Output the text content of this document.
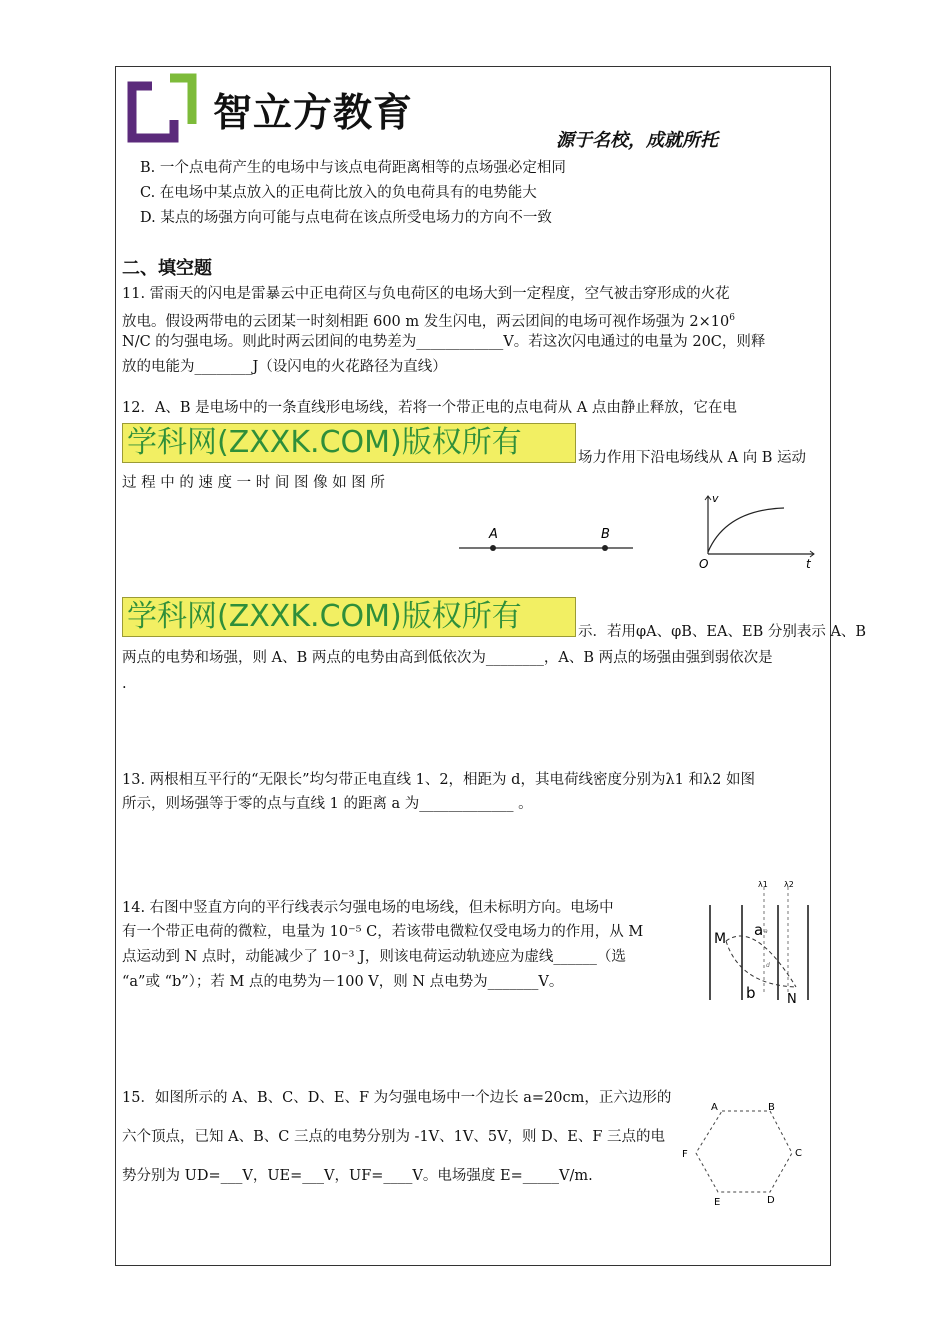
智立方教育
源于名校，成就所托
B. 一个点电荷产生的电场中与该点电荷距离相等的点场强必定相同
C. 在电场中某点放入的正电荷比放入的负电荷具有的电势能大
D. 某点的场强方向可能与点电荷在该点所受电场力的方向不一致
二、填空题
11. 雷雨天的闪电是雷暴云中正电荷区与负电荷区的电场大到一定程度，空气被击穿形成的火花
放电。假设两带电的云团某一时刻相距 600 m 发生闪电，两云团间的电场可视作场强为 $2\times 10^6$
N/C 的匀强电场。则此时两云团间的电势差为____________V。若这次闪电通过的电量为 20C，则释
放的电能为________J（设闪电的火花路径为直线）
12．A、B 是电场中的一条直线形电场线，若将一个带正电的点电荷从 A 点由静止释放，它在电
学科网(ZXXK.COM)版权所有	场力作用下沿电场线从 A 向 B 运动
过 程 中 的 速 度 一 时 间 图 像 如 图 所
A	B
v
O	t
学科网(ZXXK.COM)版权所有	示．若用φA、φB、EA、EB 分别表示 A、B
两点的电势和场强，则 A、B 两点的电势由高到低依次为________，A、B 两点的场强由强到弱依次是
.
13. 两根相互平行的“无限长”均匀带正电直线 1、2，相距为 d，其电荷线密度分别为λ1 和λ2 如图
所示，则场强等于零的点与直线 1 的距离 a 为_____________ 。
14. 右图中竖直方向的平行线表示匀强电场的电场线，但未标明方向。电场中
有一个带正电荷的微粒，电量为 10⁻⁵ C，若该带电微粒仅受电场力的作用，从 M
点运动到 N 点时，动能减少了 10⁻³ J，则该电荷运动轨迹应为虚线______（选
“a”或 “b”）；若 M 点的电势为－100 V，则 N 点电势为_______V。
λ1 λ2
a
d
M a
b N
15．如图所示的 A、B、C、D、E、F 为匀强电场中一个边长 a=20cm，正六边形的
六个顶点，已知 A、B、C 三点的电势分别为 -1V、1V、5V，则 D、E、F 三点的电
势分别为 UD=___V，UE=___V，UF=____V。电场强度 E=_____V/m.
A	B
C
D
E
F
